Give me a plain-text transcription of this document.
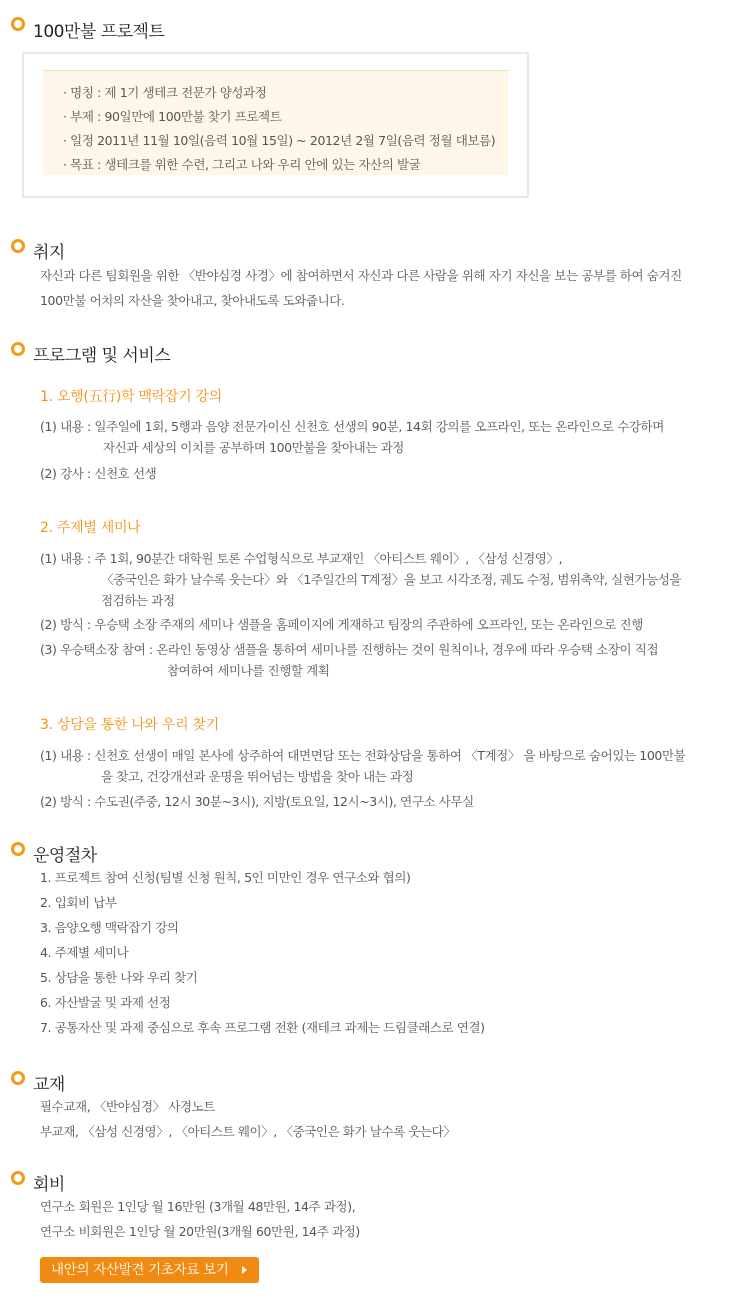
100만불 프로젝트
· 명칭 : 제 1기 생테크 전문가 양성과정
· 부제 : 90일만에 100만불 찾기 프로젝트
· 일정 2011년 11월 10일(음력 10월 15일) ~ 2012년 2월 7일(음력 정월 대보름)
· 목표 : 생테크를 위한 수련, 그리고 나와 우리 안에 있는 자산의 발굴
취지
자신과 다른 팀회원을 위한 〈반야심경 사경〉에 참여하면서 자신과 다른 사람을 위해 자기 자신을 보는 공부를 하여 숨겨진
100만불 어치의 자산을 찾아내고, 찾아내도록 도와줍니다.
프로그램 및 서비스
1. 오행(五行)학 맥락잡기 강의
(1) 내용 : 일주일에 1회, 5행과 음양 전문가이신 신천호 선생의 90분, 14회 강의를 오프라인, 또는 온라인으로 수강하며
자신과 세상의 이치를 공부하며 100만불을 찾아내는 과정
(2) 강사 : 신천호 선생
2. 주제별 세미나
(1) 내용 : 주 1회, 90분간 대학원 토론 수업형식으로 부교재인 〈아티스트 웨이〉, 〈삼성 신경영〉,
〈중국인은 화가 날수록 웃는다〉와 〈1주일간의 T계정〉을 보고 시각조정, 궤도 수정, 범위축약, 실현가능성을
점검하는 과정
(2) 방식 : 우승택 소장 주재의 세미나 샘플을 홈페이지에 게재하고 팀장의 주관하에 오프라인, 또는 온라인으로 진행
(3) 우승택소장 참여 : 온라인 동영상 샘플을 통하여 세미나를 진행하는 것이 원칙이나, 경우에 따라 우승택 소장이 직접
참여하여 세미나를 진행할 계획
3. 상담을 통한 나와 우리 찾기
(1) 내용 : 신천호 선생이 매일 본사에 상주하여 대면면담 또는 전화상담을 통하여 〈T계정〉 을 바탕으로 숨어있는 100만불
을 찾고, 건강개선과 운명을 뛰어넘는 방법을 찾아 내는 과정
(2) 방식 : 수도권(주중, 12시 30분~3시), 지방(토요일, 12시~3시), 연구소 사무실
운영절차
1. 프로젝트 참여 신청(팀별 신청 원칙, 5인 미만인 경우 연구소와 협의)
2. 입회비 납부
3. 음양오행 맥락잡기 강의
4. 주제별 세미나
5. 상담을 통한 나와 우리 찾기
6. 자산발굴 및 과제 선정
7. 공통자산 및 과제 중심으로 후속 프로그램 전환 (재테크 과제는 드림클래스로 연결)
교재
필수교재, 〈반야심경〉 사경노트
부교재, 〈삼성 신경영〉, 〈아티스트 웨이〉, 〈중국인은 화가 날수록 웃는다〉
회비
연구소 회원은 1인당 월 16만원 (3개월 48만원, 14주 과정),
연구소 비회원은 1인당 월 20만원(3개월 60만원, 14주 과정)
내안의 자산발견 기초자료 보기
